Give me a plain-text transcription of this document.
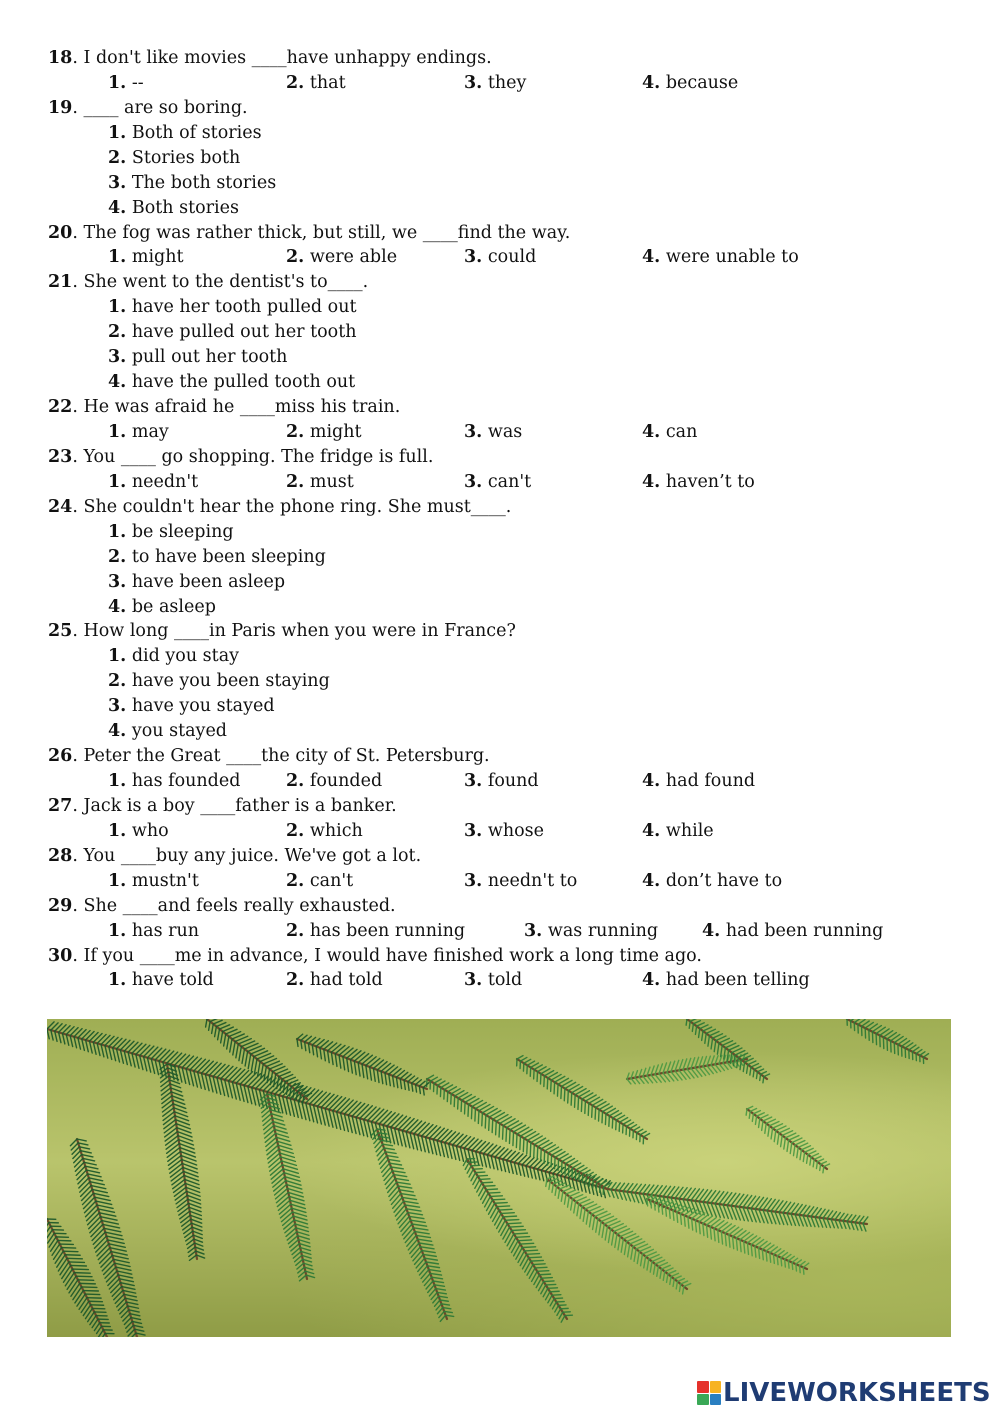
18. I don't like movies ____have unhappy endings.
1. --	2. that	3. they	4. because
19. ____ are so boring.
1. Both of stories
2. Stories both
3. The both stories
4. Both stories
20. The fog was rather thick, but still, we ____find the way.
1. might	2. were able	3. could	4. were unable to
21. She went to the dentist's to____.
1. have her tooth pulled out
2. have pulled out her tooth
3. pull out her tooth
4. have the pulled tooth out
22. He was afraid he ____miss his train.
1. may	2. might	3. was	4. can
23. You ____ go shopping. The fridge is full.
1. needn't	2. must	3. can't	4. haven’t to
24. She couldn't hear the phone ring. She must____.
1. be sleeping
2. to have been sleeping
3. have been asleep
4. be asleep
25. How long ____in Paris when you were in France?
1. did you stay
2. have you been staying
3. have you stayed
4. you stayed
26. Peter the Great ____the city of St. Petersburg.
1. has founded	2. founded	3. found	4. had found
27. Jack is a boy ____father is a banker.
1. who	2. which	3. whose	4. while
28. You ____buy any juice. We've got a lot.
1. mustn't	2. can't	3. needn't to	4. don’t have to
29. She ____and feels really exhausted.
1. has run	2. has been running	3. was running	4. had been running
30. If you ____me in advance, I would have finished work a long time ago.
1. have told	2. had told	3. told	4. had been telling
LIVEWORKSHEETS
